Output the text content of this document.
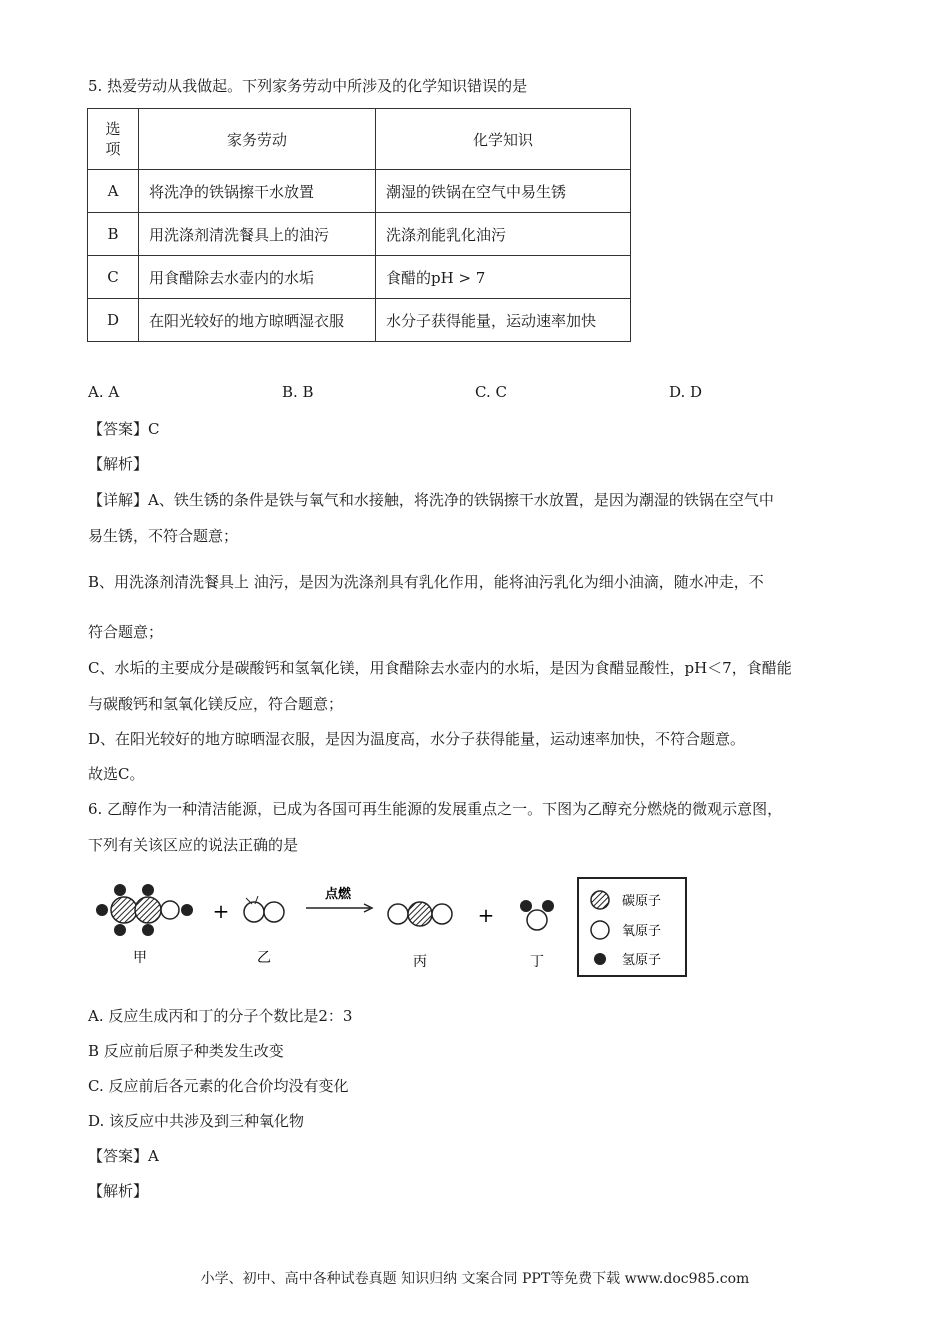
5. 热爱劳动从我做起。下列家务劳动中所涉及的化学知识错误的是
选
项	家务劳动	化学知识
A	将洗净的铁锅擦干水放置	潮湿的铁锅在空气中易生锈
B	用洗涤剂清洗餐具上的油污	洗涤剂能乳化油污
C	用食醋除去水壶内的水垢	食醋的pH > 7
D	在阳光较好的地方晾晒湿衣服	水分子获得能量，运动速率加快
A. A	B. B	C. C	D. D
【答案】C
【解析】
【详解】A、铁生锈的条件是铁与氧气和水接触，将洗净的铁锅擦干水放置，是因为潮湿的铁锅在空气中
易生锈，不符合题意；
B、用洗涤剂清洗餐具上 油污，是因为洗涤剂具有乳化作用，能将油污乳化为细小油滴，随水冲走，不
符合题意；
C、水垢的主要成分是碳酸钙和氢氧化镁，用食醋除去水壶内的水垢，是因为食醋显酸性，pH＜7，食醋能
与碳酸钙和氢氧化镁反应，符合题意；
D、在阳光较好的地方晾晒湿衣服，是因为温度高，水分子获得能量，运动速率加快，不符合题意。
故选C。
6. 乙醇作为一种清洁能源，已成为各国可再生能源的发展重点之一。下图为乙醇充分燃烧的微观示意图，
下列有关该区应的说法正确的是
甲
+
乙
点燃
丙
+
丁
碳原子
氧原子
氢原子
A. 反应生成丙和丁的分子个数比是2：3
B 反应前后原子种类发生改变
C. 反应前后各元素的化合价均没有变化
D. 该反应中共涉及到三种氧化物
【答案】A
【解析】
小学、初中、高中各种试卷真题 知识归纳 文案合同 PPT等免费下载 www.doc985.com
